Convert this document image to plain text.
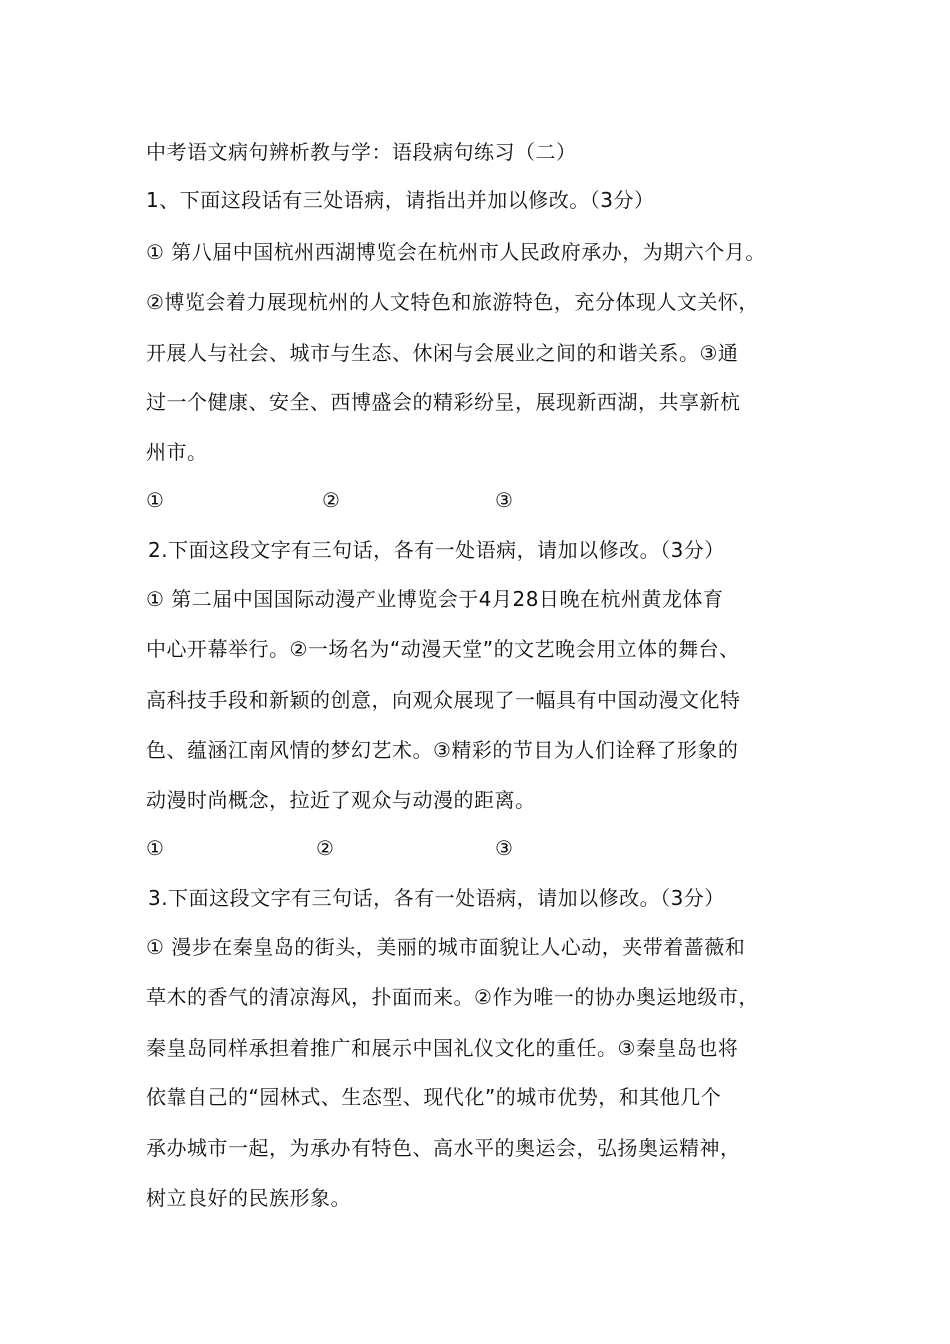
中考语文病句辨析教与学：语段病句练习（二）
1、下面这段话有三处语病，请指出并加以修改。（3分）
① 第八届中国杭州西湖博览会在杭州市人民政府承办，为期六个月。
②博览会着力展现杭州的人文特色和旅游特色，充分体现人文关怀，
开展人与社会、城市与生态、休闲与会展业之间的和谐关系。③通
过一个健康、安全、西博盛会的精彩纷呈，展现新西湖，共享新杭
州市。
①	②	③
2.下面这段文字有三句话，各有一处语病，请加以修改。（3分）
① 第二届中国国际动漫产业博览会于4月28日晚在杭州黄龙体育
中心开幕举行。②一场名为“动漫天堂”的文艺晚会用立体的舞台、
高科技手段和新颖的创意，向观众展现了一幅具有中国动漫文化特
色、蕴涵江南风情的梦幻艺术。③精彩的节目为人们诠释了形象的
动漫时尚概念，拉近了观众与动漫的距离。
①	②	③
3.下面这段文字有三句话，各有一处语病，请加以修改。（3分）
① 漫步在秦皇岛的街头，美丽的城市面貌让人心动，夹带着蔷薇和
草木的香气的清凉海风，扑面而来。②作为唯一的协办奥运地级市，
秦皇岛同样承担着推广和展示中国礼仪文化的重任。③秦皇岛也将
依靠自己的“园林式、生态型、现代化”的城市优势，和其他几个
承办城市一起，为承办有特色、高水平的奥运会，弘扬奥运精神，
树立良好的民族形象。
